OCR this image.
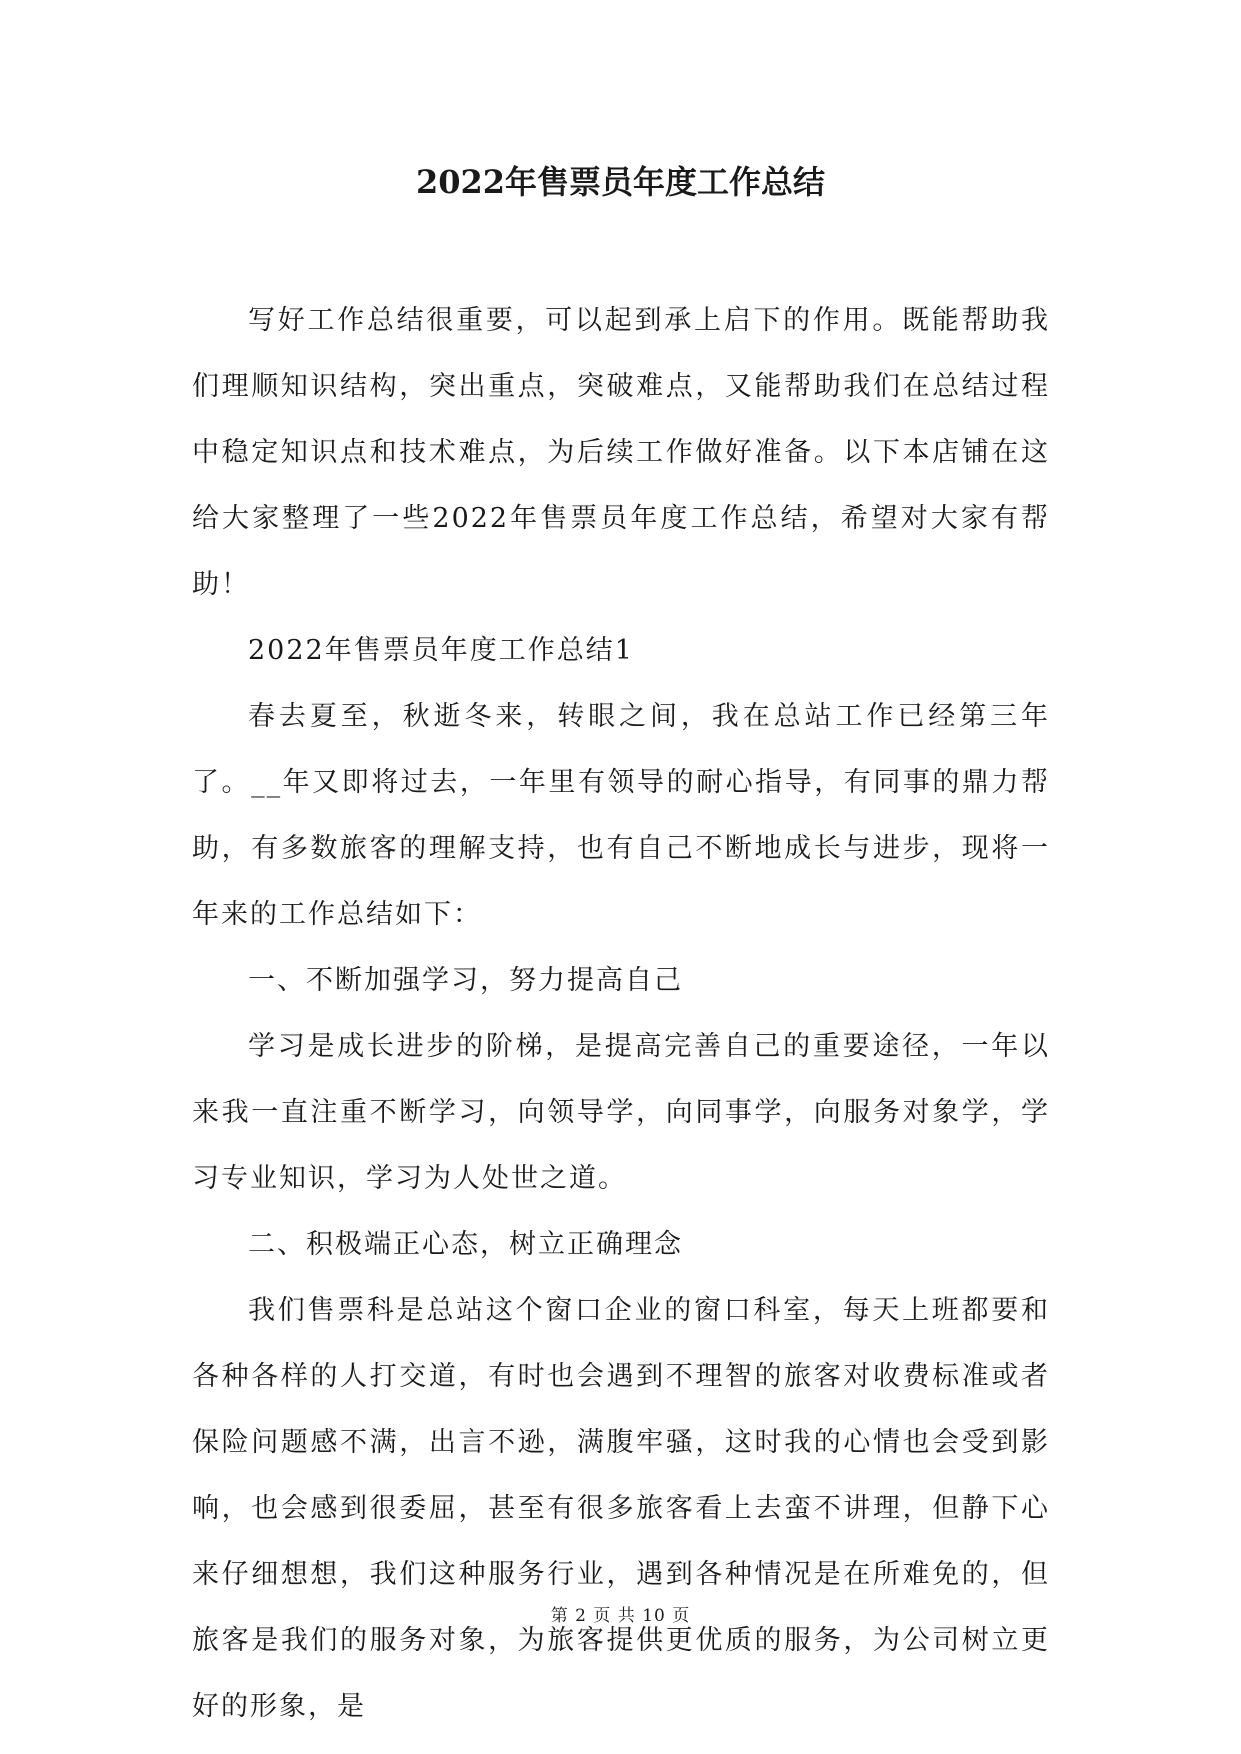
2022年售票员年度工作总结

写好工作总结很重要，可以起到承上启下的作用。既能帮助我们理顺知识结构，突出重点，突破难点，又能帮助我们在总结过程中稳定知识点和技术难点，为后续工作做好准备。以下本店铺在这给大家整理了一些2022年售票员年度工作总结，希望对大家有帮助！

2022年售票员年度工作总结1

春去夏至，秋逝冬来，转眼之间，我在总站工作已经第三年了。__年又即将过去，一年里有领导的耐心指导，有同事的鼎力帮助，有多数旅客的理解支持，也有自己不断地成长与进步，现将一年来的工作总结如下：

一、不断加强学习，努力提高自己

学习是成长进步的阶梯，是提高完善自己的重要途径，一年以来我一直注重不断学习，向领导学，向同事学，向服务对象学，学习专业知识，学习为人处世之道。

二、积极端正心态，树立正确理念

我们售票科是总站这个窗口企业的窗口科室，每天上班都要和各种各样的人打交道，有时也会遇到不理智的旅客对收费标准或者保险问题感不满，出言不逊，满腹牢骚，这时我的心情也会受到影响，也会感到很委屈，甚至有很多旅客看上去蛮不讲理，但静下心来仔细想想，我们这种服务行业，遇到各种情况是在所难免的，但旅客是我们的服务对象，为旅客提供更优质的服务，为公司树立更好的形象，是

第 2 页 共 10 页
